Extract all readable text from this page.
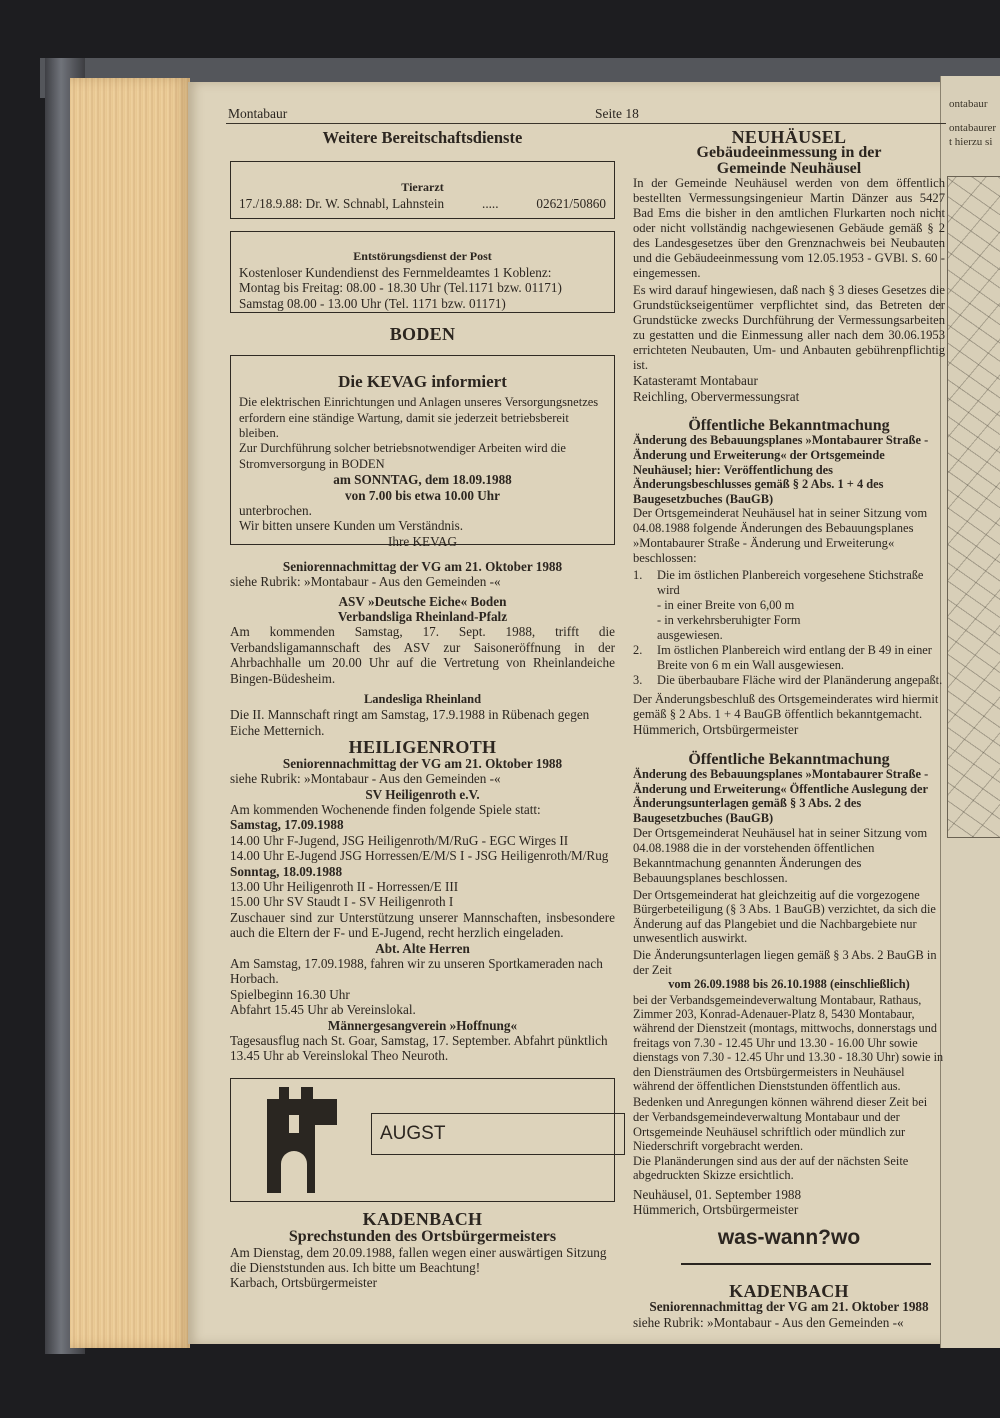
ontabaur
ontabaurer
t hierzu si
Montabaur	Seite 18
Weitere Bereitschaftsdienste

Tierarzt

17./18.9.88: Dr. W. Schnabl, Lahnstein	.....	02621/50860

Entstörungsdienst der Post

Kostenloser Kundendienst des Fernmeldeamtes 1 Koblenz:

Montag bis Freitag: 08.00 - 18.30 Uhr (Tel.1171 bzw. 01171)

Samstag 08.00 - 13.00 Uhr (Tel. 1171 bzw. 01171)

BODEN

Die KEVAG informiert

Die elektrischen Einrichtungen und Anlagen unseres Versorgungsnetzes erfordern eine ständige Wartung, damit sie jederzeit betriebsbereit bleiben.

Zur Durchführung solcher betriebsnotwendiger Arbeiten wird die Stromversorgung in BODEN

am SONNTAG, dem 18.09.1988

von 7.00 bis etwa 10.00 Uhr

unterbrochen.

Wir bitten unsere Kunden um Verständnis.

Ihre KEVAG

Seniorennachmittag der VG am 21. Oktober 1988

siehe Rubrik: »Montabaur - Aus den Gemeinden -«

ASV »Deutsche Eiche« Boden

Verbandsliga Rheinland-Pfalz

Am kommenden Samstag, 17. Sept. 1988, trifft die Verbandsligamannschaft des ASV zur Saisoneröffnung in der Ahrbachhalle um 20.00 Uhr auf die Vertretung von Rheinlandeiche Bingen-Büdesheim.

Landesliga Rheinland

Die II. Mannschaft ringt am Samstag, 17.9.1988 in Rübenach gegen Eiche Metternich.

HEILIGENROTH

Seniorennachmittag der VG am 21. Oktober 1988

siehe Rubrik: »Montabaur - Aus den Gemeinden -«

SV Heiligenroth e.V.

Am kommenden Wochenende finden folgende Spiele statt:

Samstag, 17.09.1988

14.00 Uhr F-Jugend, JSG Heiligenroth/M/RuG - EGC Wirges II

14.00 Uhr E-Jugend JSG Horressen/E/M/S I - JSG Heiligenroth/M/Rug

Sonntag, 18.09.1988

13.00 Uhr Heiligenroth II - Horressen/E III

15.00 Uhr SV Staudt I - SV Heiligenroth I

Zuschauer sind zur Unterstützung unserer Mannschaften, insbesondere auch die Eltern der F- und E-Jugend, recht herzlich eingeladen.

Abt. Alte Herren

Am Samstag, 17.09.1988, fahren wir zu unseren Sportkameraden nach Horbach.

Spielbeginn 16.30 Uhr

Abfahrt 15.45 Uhr ab Vereinslokal.

Männergesangverein »Hoffnung«

Tagesausflug nach St. Goar, Samstag, 17. September. Abfahrt pünktlich 13.45 Uhr ab Vereinslokal Theo Neuroth.

AUGST
KADENBACH

Sprechstunden des Ortsbürgermeisters

Am Dienstag, dem 20.09.1988, fallen wegen einer auswärtigen Sitzung die Dienststunden aus. Ich bitte um Beachtung!

Karbach, Ortsbürgermeister

NEUHÄUSEL

Gebäudeeinmessung in der

Gemeinde Neuhäusel

In der Gemeinde Neuhäusel werden von dem öffentlich bestellten Vermessungsingenieur Martin Dänzer aus 5427 Bad Ems die bisher in den amtlichen Flurkarten noch nicht oder nicht vollständig nachgewiesenen Gebäude gemäß § 2 des Landesgesetzes über den Grenznachweis bei Neubauten und die Gebäudeeinmessung vom 12.05.1953 - GVBl. S. 60 - eingemessen.

Es wird darauf hingewiesen, daß nach § 3 dieses Gesetzes die Grundstückseigentümer verpflichtet sind, das Betreten der Grundstücke zwecks Durchführung der Vermessungsarbeiten zu gestatten und die Einmessung aller nach dem 30.06.1953 errichteten Neubauten, Um- und Anbauten gebührenpflichtig ist.

Katasteramt Montabaur

Reichling, Obervermessungsrat

Öffentliche Bekanntmachung

Änderung des Bebauungsplanes »Montabaurer Straße - Änderung und Erweiterung« der Ortsgemeinde Neuhäusel; hier: Veröffentlichung des Änderungsbeschlusses gemäß § 2 Abs. 1 + 4 des Baugesetzbuches (BauGB)

Der Ortsgemeinderat Neuhäusel hat in seiner Sitzung vom 04.08.1988 folgende Änderungen des Bebauungsplanes »Montabaurer Straße - Änderung und Erweiterung« beschlossen:

1.	Die im östlichen Planbereich vorgesehene Stichstraße wird
- in einer Breite von 6,00 m
- in verkehrsberuhigter Form
ausgewiesen.
2.	Im östlichen Planbereich wird entlang der B 49 in einer Breite von 6 m ein Wall ausgewiesen.
3.	Die überbaubare Fläche wird der Planänderung angepaßt.

Der Änderungsbeschluß des Ortsgemeinderates wird hiermit gemäß § 2 Abs. 1 + 4 BauGB öffentlich bekanntgemacht.

Hümmerich, Ortsbürgermeister

Öffentliche Bekanntmachung

Änderung des Bebauungsplanes »Montabaurer Straße - Änderung und Erweiterung« Öffentliche Auslegung der Änderungsunterlagen gemäß § 3 Abs. 2 des Baugesetzbuches (BauGB)

Der Ortsgemeinderat Neuhäusel hat in seiner Sitzung vom 04.08.1988 die in der vorstehenden öffentlichen Bekanntmachung genannten Änderungen des Bebauungsplanes beschlossen.

Der Ortsgemeinderat hat gleichzeitig auf die vorgezogene Bürgerbeteiligung (§ 3 Abs. 1 BauGB) verzichtet, da sich die Änderung auf das Plangebiet und die Nachbargebiete nur unwesentlich auswirkt.

Die Änderungsunterlagen liegen gemäß § 3 Abs. 2 BauGB in der Zeit

vom 26.09.1988 bis 26.10.1988 (einschließlich)

bei der Verbandsgemeindeverwaltung Montabaur, Rathaus, Zimmer 203, Konrad-Adenauer-Platz 8, 5430 Montabaur, während der Dienstzeit (montags, mittwochs, donnerstags und freitags von 7.30 - 12.45 Uhr und 13.30 - 16.00 Uhr sowie dienstags von 7.30 - 12.45 Uhr und 13.30 - 18.30 Uhr) sowie in den Diensträumen des Ortsbürgermeisters in Neuhäusel während der öffentlichen Dienststunden öffentlich aus.

Bedenken und Anregungen können während dieser Zeit bei der Verbandsgemeindeverwaltung Montabaur und der Ortsgemeinde Neuhäusel schriftlich oder mündlich zur Niederschrift vorgebracht werden.

Die Planänderungen sind aus der auf der nächsten Seite abgedruckten Skizze ersichtlich.

Neuhäusel, 01. September 1988

Hümmerich, Ortsbürgermeister

was-wann?wo
KADENBACH

Seniorennachmittag der VG am 21. Oktober 1988

siehe Rubrik: »Montabaur - Aus den Gemeinden -«
